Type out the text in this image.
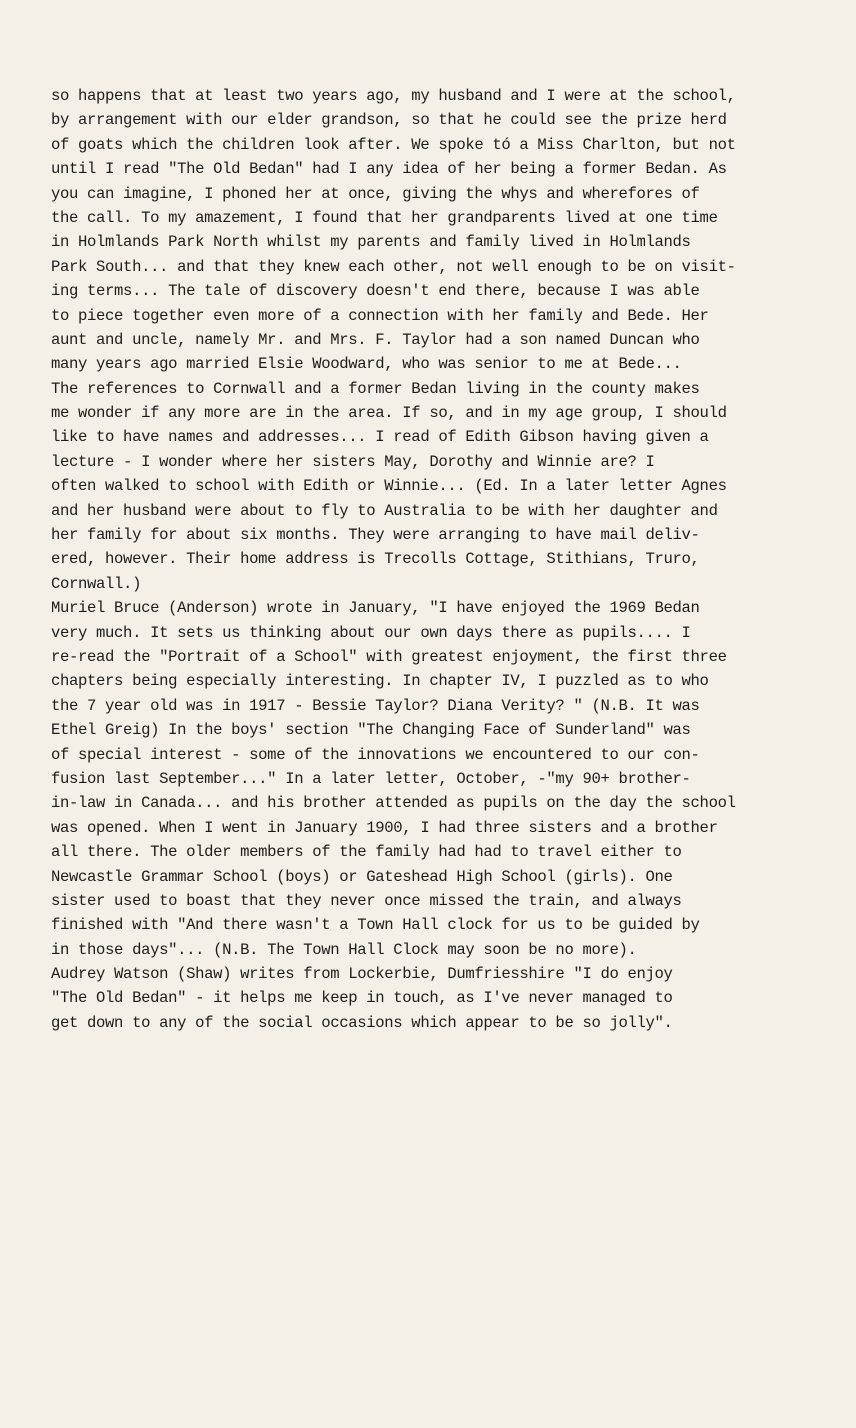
so happens that at least two years ago, my husband and I were at the school,
by arrangement with our elder grandson, so that he could see the prize herd
of goats which the children look after. We spoke tó a Miss Charlton, but not
until I read "The Old Bedan" had I any idea of her being a former Bedan. As
you can imagine, I phoned her at once, giving the whys and wherefores of
the call. To my amazement, I found that her grandparents lived at one time
in Holmlands Park North whilst my parents and family lived in Holmlands
Park South... and that they knew each other, not well enough to be on visit-
ing terms... The tale of discovery doesn't end there, because I was able
to piece together even more of a connection with her family and Bede. Her
aunt and uncle, namely Mr. and Mrs. F. Taylor had a son named Duncan who
many years ago married Elsie Woodward, who was senior to me at Bede...
The references to Cornwall and a former Bedan living in the county makes
me wonder if any more are in the area. If so, and in my age group, I should
like to have names and addresses... I read of Edith Gibson having given a
lecture - I wonder where her sisters May, Dorothy and Winnie are? I
often walked to school with Edith or Winnie... (Ed. In a later letter Agnes
and her husband were about to fly to Australia to be with her daughter and
her family for about six months. They were arranging to have mail deliv-
ered, however. Their home address is Trecolls Cottage, Stithians, Truro,
Cornwall.)
Muriel Bruce (Anderson) wrote in January, "I have enjoyed the 1969 Bedan
very much. It sets us thinking about our own days there as pupils.... I
re-read the "Portrait of a School" with greatest enjoyment, the first three
chapters being especially interesting. In chapter IV, I puzzled as to who
the 7 year old was in 1917 - Bessie Taylor? Diana Verity? " (N.B. It was
Ethel Greig) In the boys' section "The Changing Face of Sunderland" was
of special interest - some of the innovations we encountered to our con-
fusion last September..." In a later letter, October, -"my 90+ brother-
in-law in Canada... and his brother attended as pupils on the day the school
was opened. When I went in January 1900, I had three sisters and a brother
all there. The older members of the family had had to travel either to
Newcastle Grammar School (boys) or Gateshead High School (girls). One
sister used to boast that they never once missed the train, and always
finished with "And there wasn't a Town Hall clock for us to be guided by
in those days"... (N.B. The Town Hall Clock may soon be no more).
Audrey Watson (Shaw) writes from Lockerbie, Dumfriesshire "I do enjoy
"The Old Bedan" - it helps me keep in touch, as I've never managed to
get down to any of the social occasions which appear to be so jolly".
